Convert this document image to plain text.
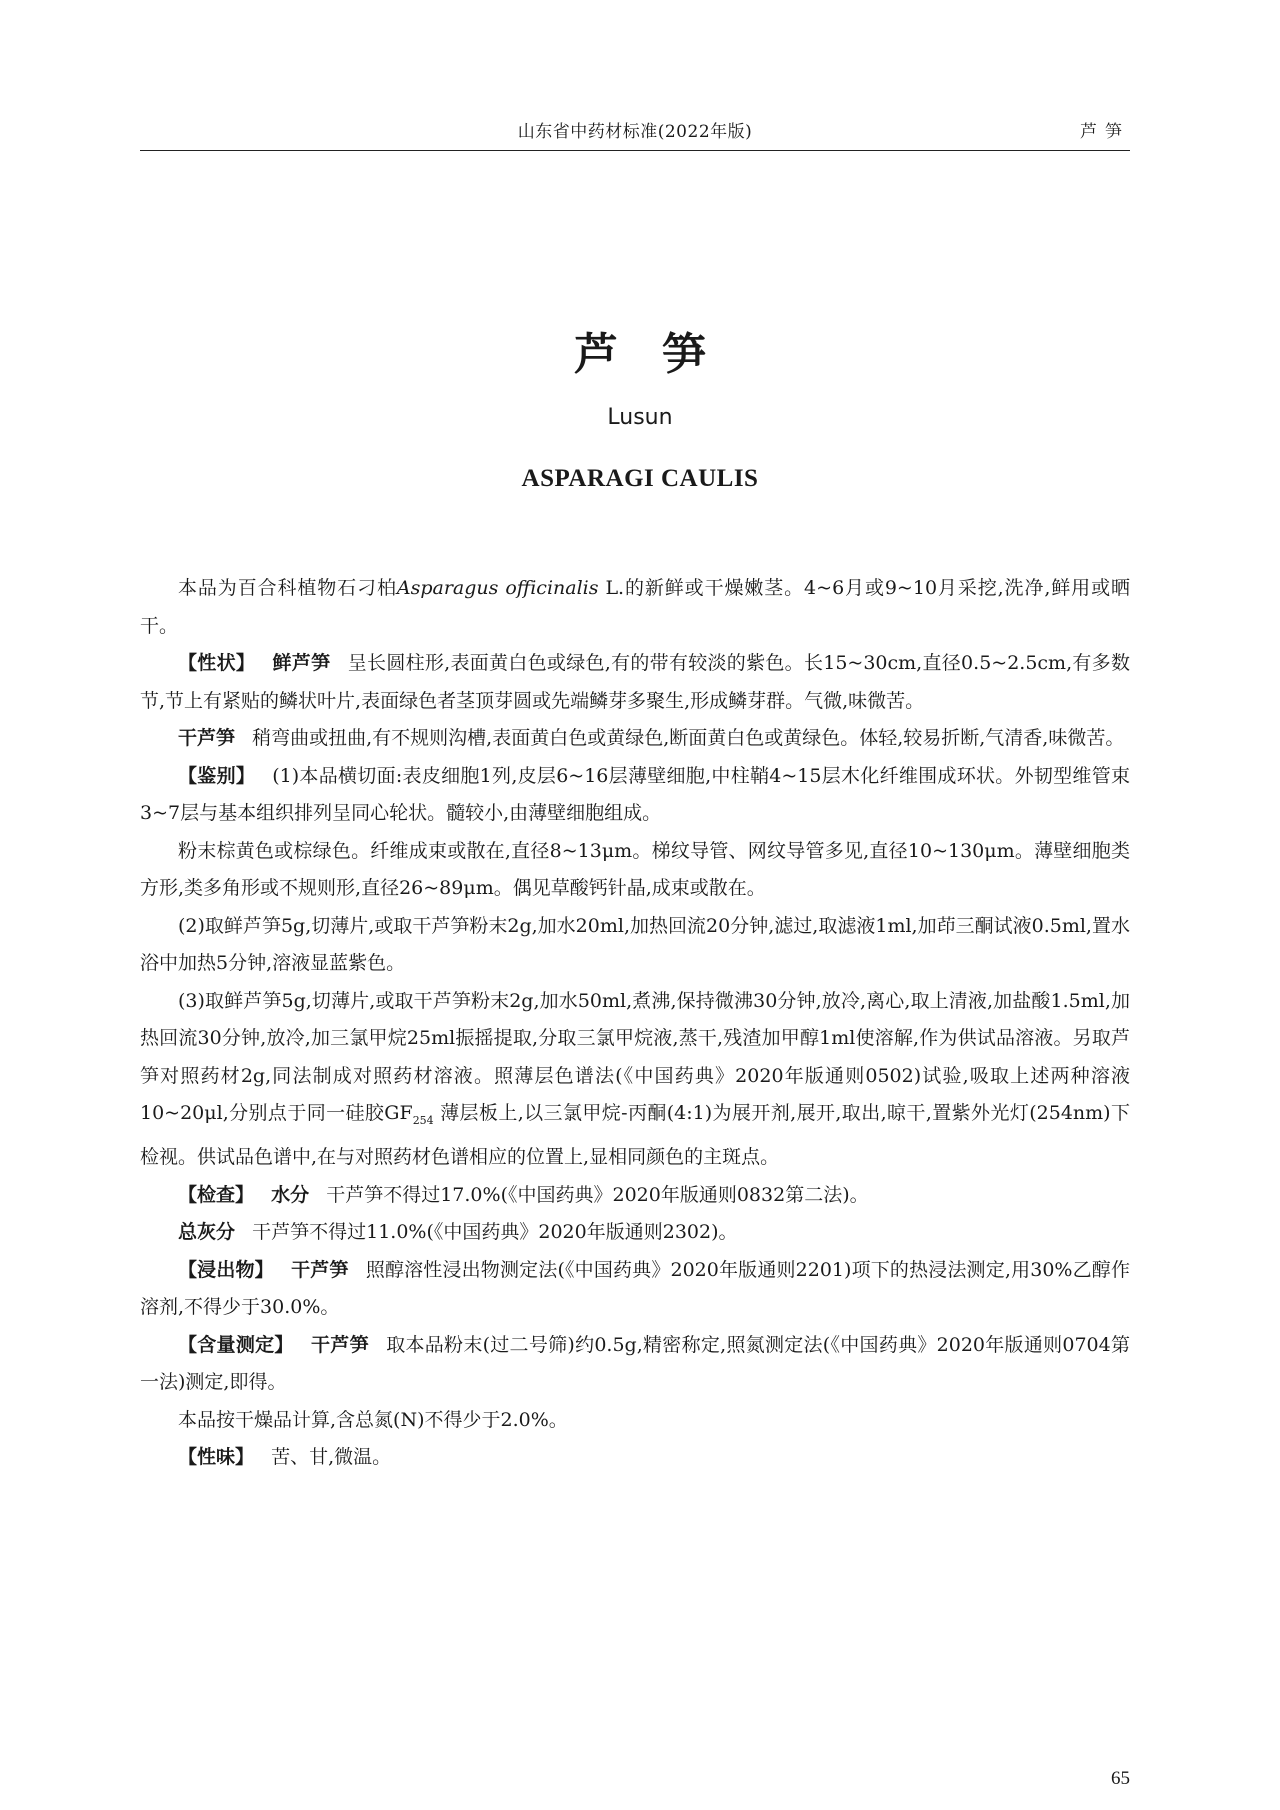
山东省中药材标准(2022年版)	芦笋
芦笋
Lusun
ASPARAGI CAULIS

本品为百合科植物石刁柏Asparagus officinalis L.的新鲜或干燥嫩茎。4~6月或9~10月采挖,洗净,鲜用或晒干。

【性状】 鲜芦笋 呈长圆柱形,表面黄白色或绿色,有的带有较淡的紫色。长15~30cm,直径0.5~2.5cm,有多数节,节上有紧贴的鳞状叶片,表面绿色者茎顶芽圆或先端鳞芽多聚生,形成鳞芽群。气微,味微苦。

干芦笋 稍弯曲或扭曲,有不规则沟槽,表面黄白色或黄绿色,断面黄白色或黄绿色。体轻,较易折断,气清香,味微苦。

【鉴别】 (1)本品横切面:表皮细胞1列,皮层6~16层薄壁细胞,中柱鞘4~15层木化纤维围成环状。外韧型维管束3~7层与基本组织排列呈同心轮状。髓较小,由薄壁细胞组成。

粉末棕黄色或棕绿色。纤维成束或散在,直径8~13μm。梯纹导管、网纹导管多见,直径10~130μm。薄壁细胞类方形,类多角形或不规则形,直径26~89μm。偶见草酸钙针晶,成束或散在。

(2)取鲜芦笋5g,切薄片,或取干芦笋粉末2g,加水20ml,加热回流20分钟,滤过,取滤液1ml,加茚三酮试液0.5ml,置水浴中加热5分钟,溶液显蓝紫色。

(3)取鲜芦笋5g,切薄片,或取干芦笋粉末2g,加水50ml,煮沸,保持微沸30分钟,放冷,离心,取上清液,加盐酸1.5ml,加热回流30分钟,放冷,加三氯甲烷25ml振摇提取,分取三氯甲烷液,蒸干,残渣加甲醇1ml使溶解,作为供试品溶液。另取芦笋对照药材2g,同法制成对照药材溶液。照薄层色谱法(《中国药典》2020年版通则0502)试验,吸取上述两种溶液10~20μl,分别点于同一硅胶$GF_{254}$ 薄层板上,以三氯甲烷-丙酮(4:1)为展开剂,展开,取出,晾干,置紫外光灯(254nm)下检视。供试品色谱中,在与对照药材色谱相应的位置上,显相同颜色的主斑点。

【检查】 水分 干芦笋不得过17.0%(《中国药典》2020年版通则0832第二法)。

总灰分 干芦笋不得过11.0%(《中国药典》2020年版通则2302)。

【浸出物】 干芦笋 照醇溶性浸出物测定法(《中国药典》2020年版通则2201)项下的热浸法测定,用30%乙醇作溶剂,不得少于30.0%。

【含量测定】 干芦笋 取本品粉末(过二号筛)约0.5g,精密称定,照氮测定法(《中国药典》2020年版通则0704第一法)测定,即得。

本品按干燥品计算,含总氮(N)不得少于2.0%。

【性味】 苦、甘,微温。

65
